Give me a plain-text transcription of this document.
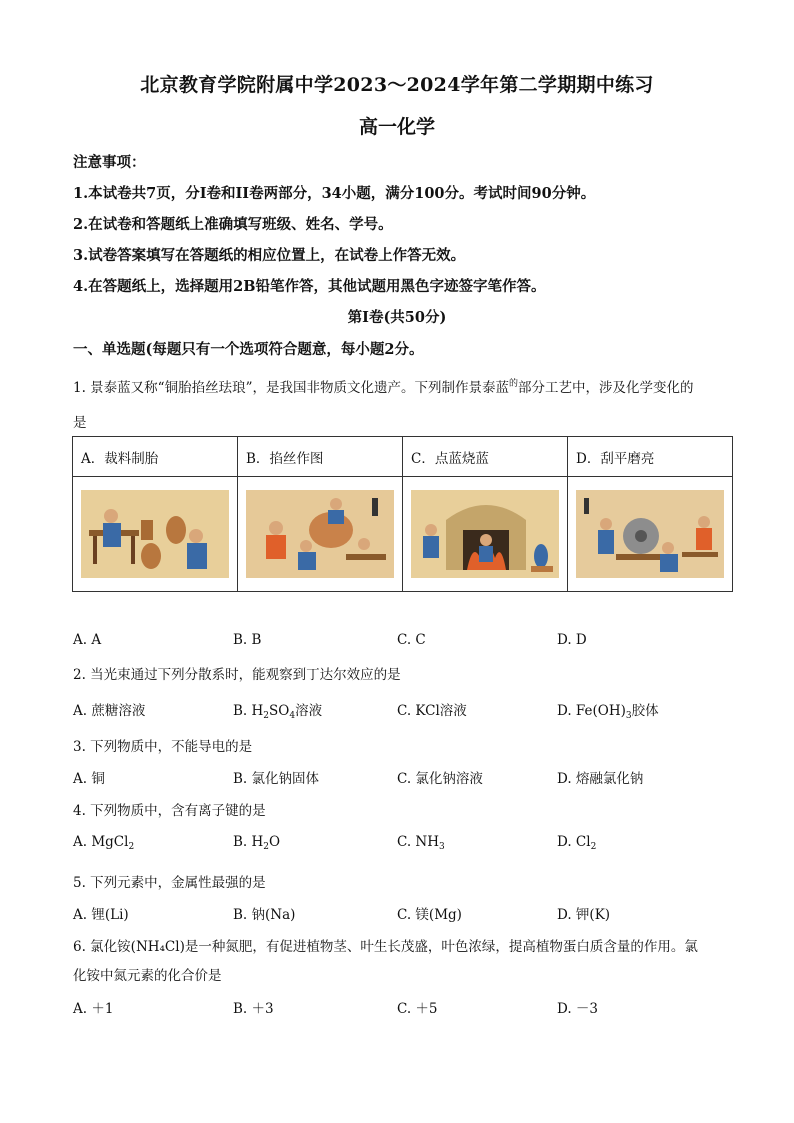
北京教育学院附属中学2023～2024学年第二学期期中练习
高一化学
注意事项：
1.本试卷共7页，分I卷和II卷两部分，34小题，满分100分。考试时间90分钟。
2.在试卷和答题纸上准确填写班级、姓名、学号。
3.试卷答案填写在答题纸的相应位置上，在试卷上作答无效。
4.在答题纸上，选择题用2B铅笔作答，其他试题用黑色字迹签字笔作答。
第I卷(共50分)
一、单选题(每题只有一个选项符合题意，每小题2分。
1. 景泰蓝又称“铜胎掐丝珐琅”，是我国非物质文化遗产。下列制作景泰蓝$^的$部分工艺中，涉及化学变化的
是
A．裁料制胎	B．掐丝作图	C．点蓝烧蓝	D．刮平磨亮

A. A	B. B	C. C	D. D
2. 当光束通过下列分散系时，能观察到丁达尔效应的是
A. 蔗糖溶液	B. $H_2SO_4$溶液	C. KCl溶液	D. $Fe(OH)_3$胶体
3. 下列物质中，不能导电的是
A. 铜	B. 氯化钠固体	C. 氯化钠溶液	D. 熔融氯化钠
4. 下列物质中，含有离子键的是
A. MgCl$_2$	B. $H_2O$	C. $NH_3$	D. $Cl_2$
5. 下列元素中，金属性最强的是
A. 锂(Li)	B. 钠(Na)	C. 镁(Mg)	D. 钾(K)
6. 氯化铵(NH₄Cl)是一种氮肥，有促进植物茎、叶生长茂盛，叶色浓绿，提高植物蛋白质含量的作用。氯
化铵中氮元素的化合价是
A. ＋1	B. ＋3	C. ＋5	D. －3
